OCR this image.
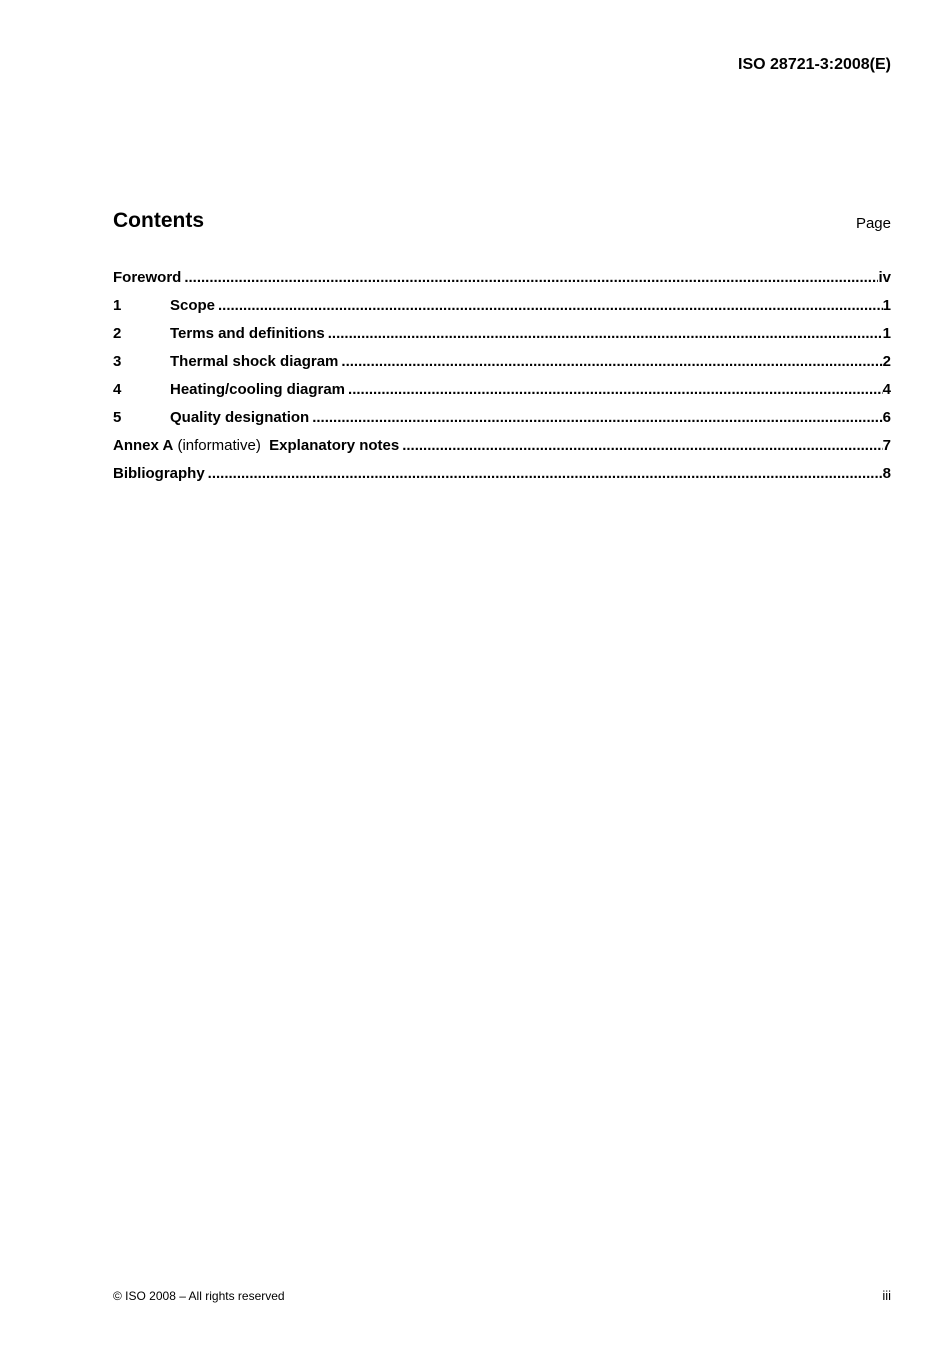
ISO 28721-3:2008(E)
Contents	Page
Foreword .....	iv
1	Scope .....	1
2	Terms and definitions .....	1
3	Thermal shock diagram .....	2
4	Heating/cooling diagram .....	4
5	Quality designation .....	6
Annex A (informative) Explanatory notes .....	7
Bibliography .....	8
© ISO 2008 – All rights reserved	iii
